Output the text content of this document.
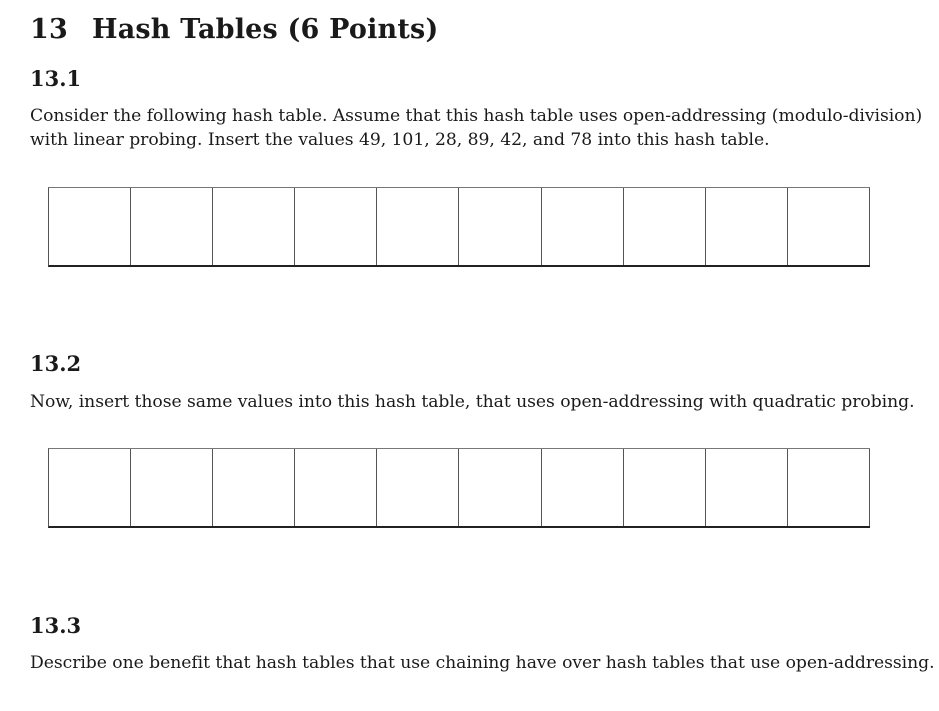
13 Hash Tables (6 Points)
13.1
Consider the following hash table. Assume that this hash table uses open-addressing (modulo-division)
with linear probing. Insert the values 49, 101, 28, 89, 42, and 78 into this hash table.
13.2
Now, insert those same values into this hash table, that uses open-addressing with quadratic probing.
13.3
Describe one benefit that hash tables that use chaining have over hash tables that use open-addressing.
